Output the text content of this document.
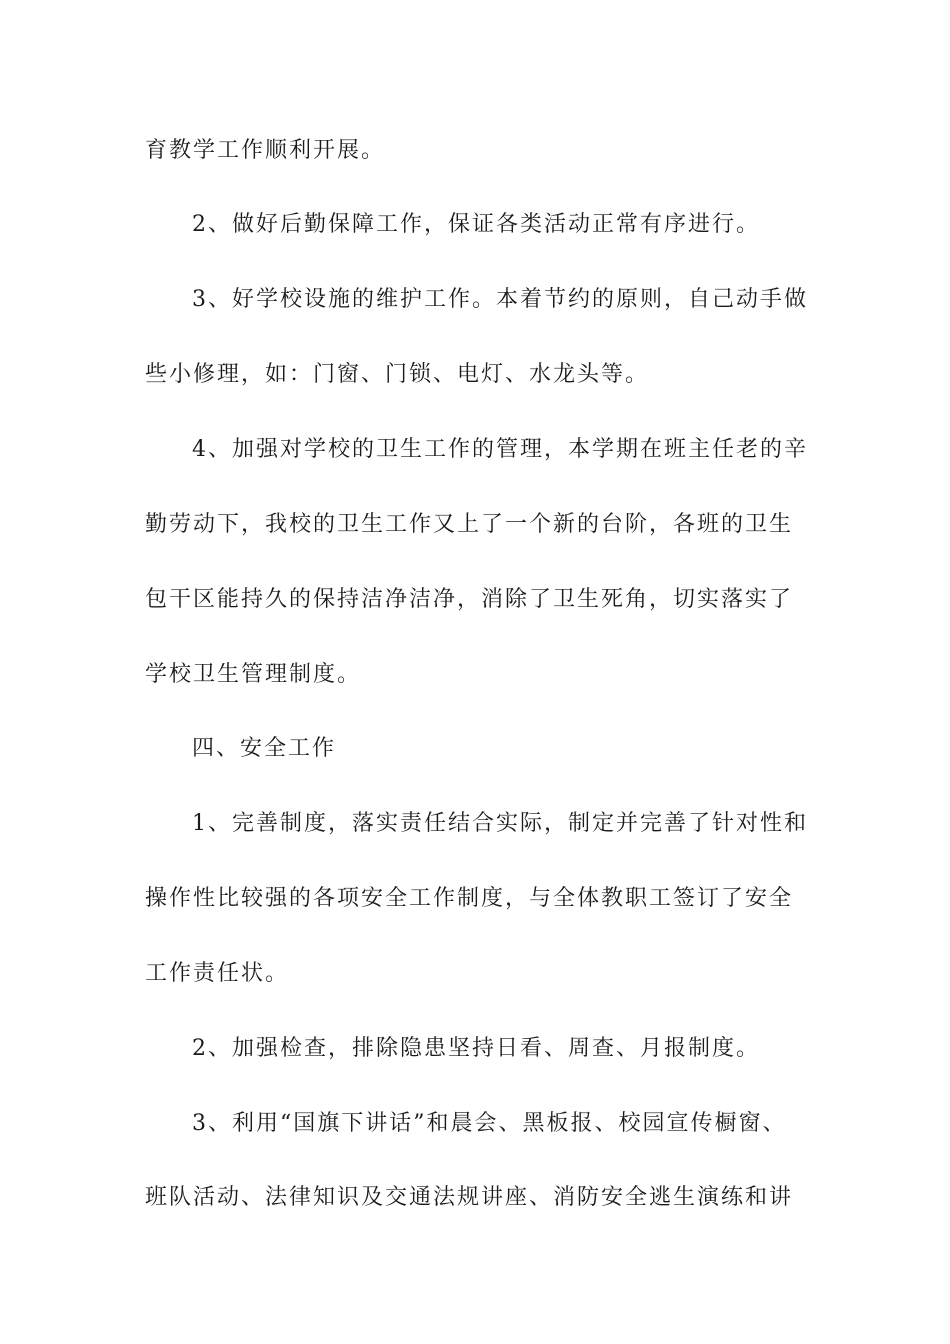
育教学工作顺利开展。
2、做好后勤保障工作，保证各类活动正常有序进行。
3、好学校设施的维护工作。本着节约的原则，自己动手做
些小修理，如：门窗、门锁、电灯、水龙头等。
4、加强对学校的卫生工作的管理，本学期在班主任老的辛
勤劳动下，我校的卫生工作又上了一个新的台阶，各班的卫生
包干区能持久的保持洁净洁净，消除了卫生死角，切实落实了
学校卫生管理制度。
四、安全工作
1、完善制度，落实责任结合实际，制定并完善了针对性和
操作性比较强的各项安全工作制度，与全体教职工签订了安全
工作责任状。
2、加强检查，排除隐患坚持日看、周查、月报制度。
3、利用“国旗下讲话”和晨会、黑板报、校园宣传橱窗、
班队活动、法律知识及交通法规讲座、消防安全逃生演练和讲
